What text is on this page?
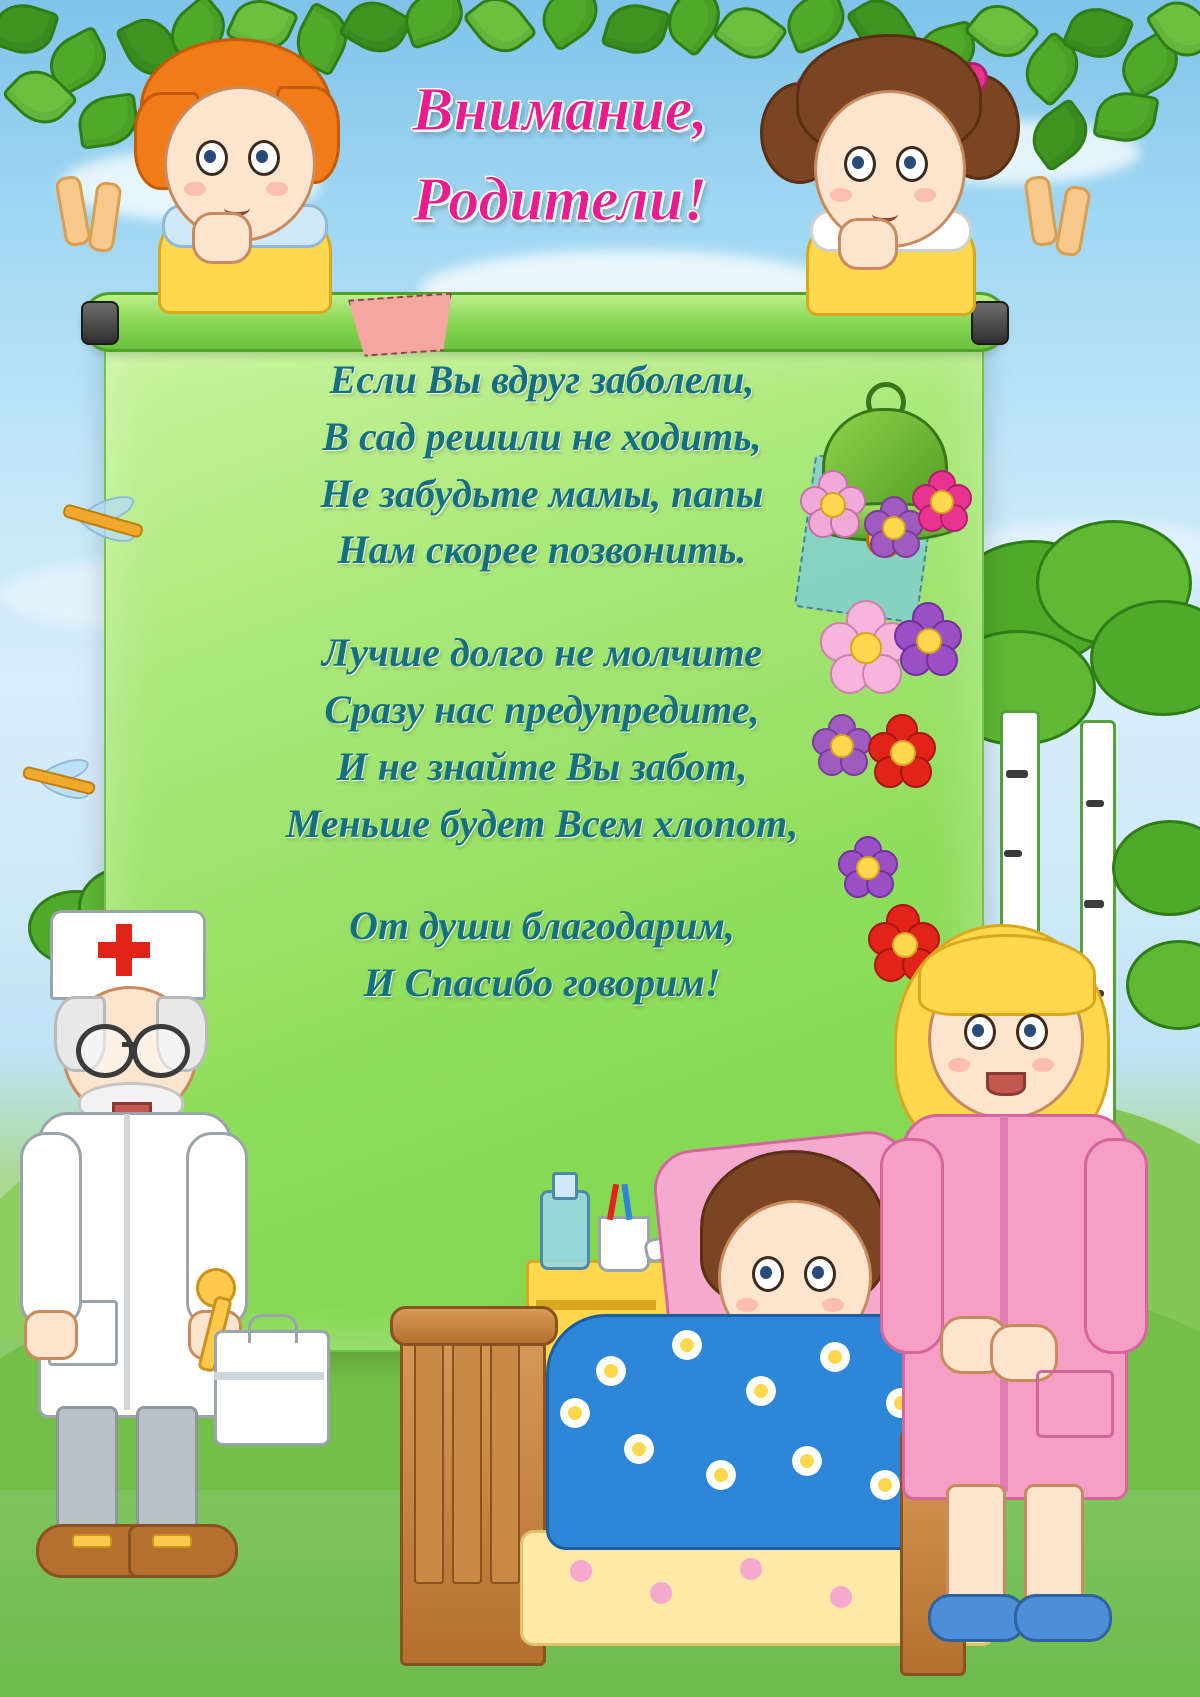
Внимание,
Родители!
Если Вы вдруг заболели,
В сад решили не ходить,
Не забудьте мамы, папы
Нам скорее позвонить.
Лучше долго не молчите
Сразу нас предупредите,
И не знайте Вы забот,
Меньше будет Всем хлопот,
От души благодарим,
И Спасибо говорим!
